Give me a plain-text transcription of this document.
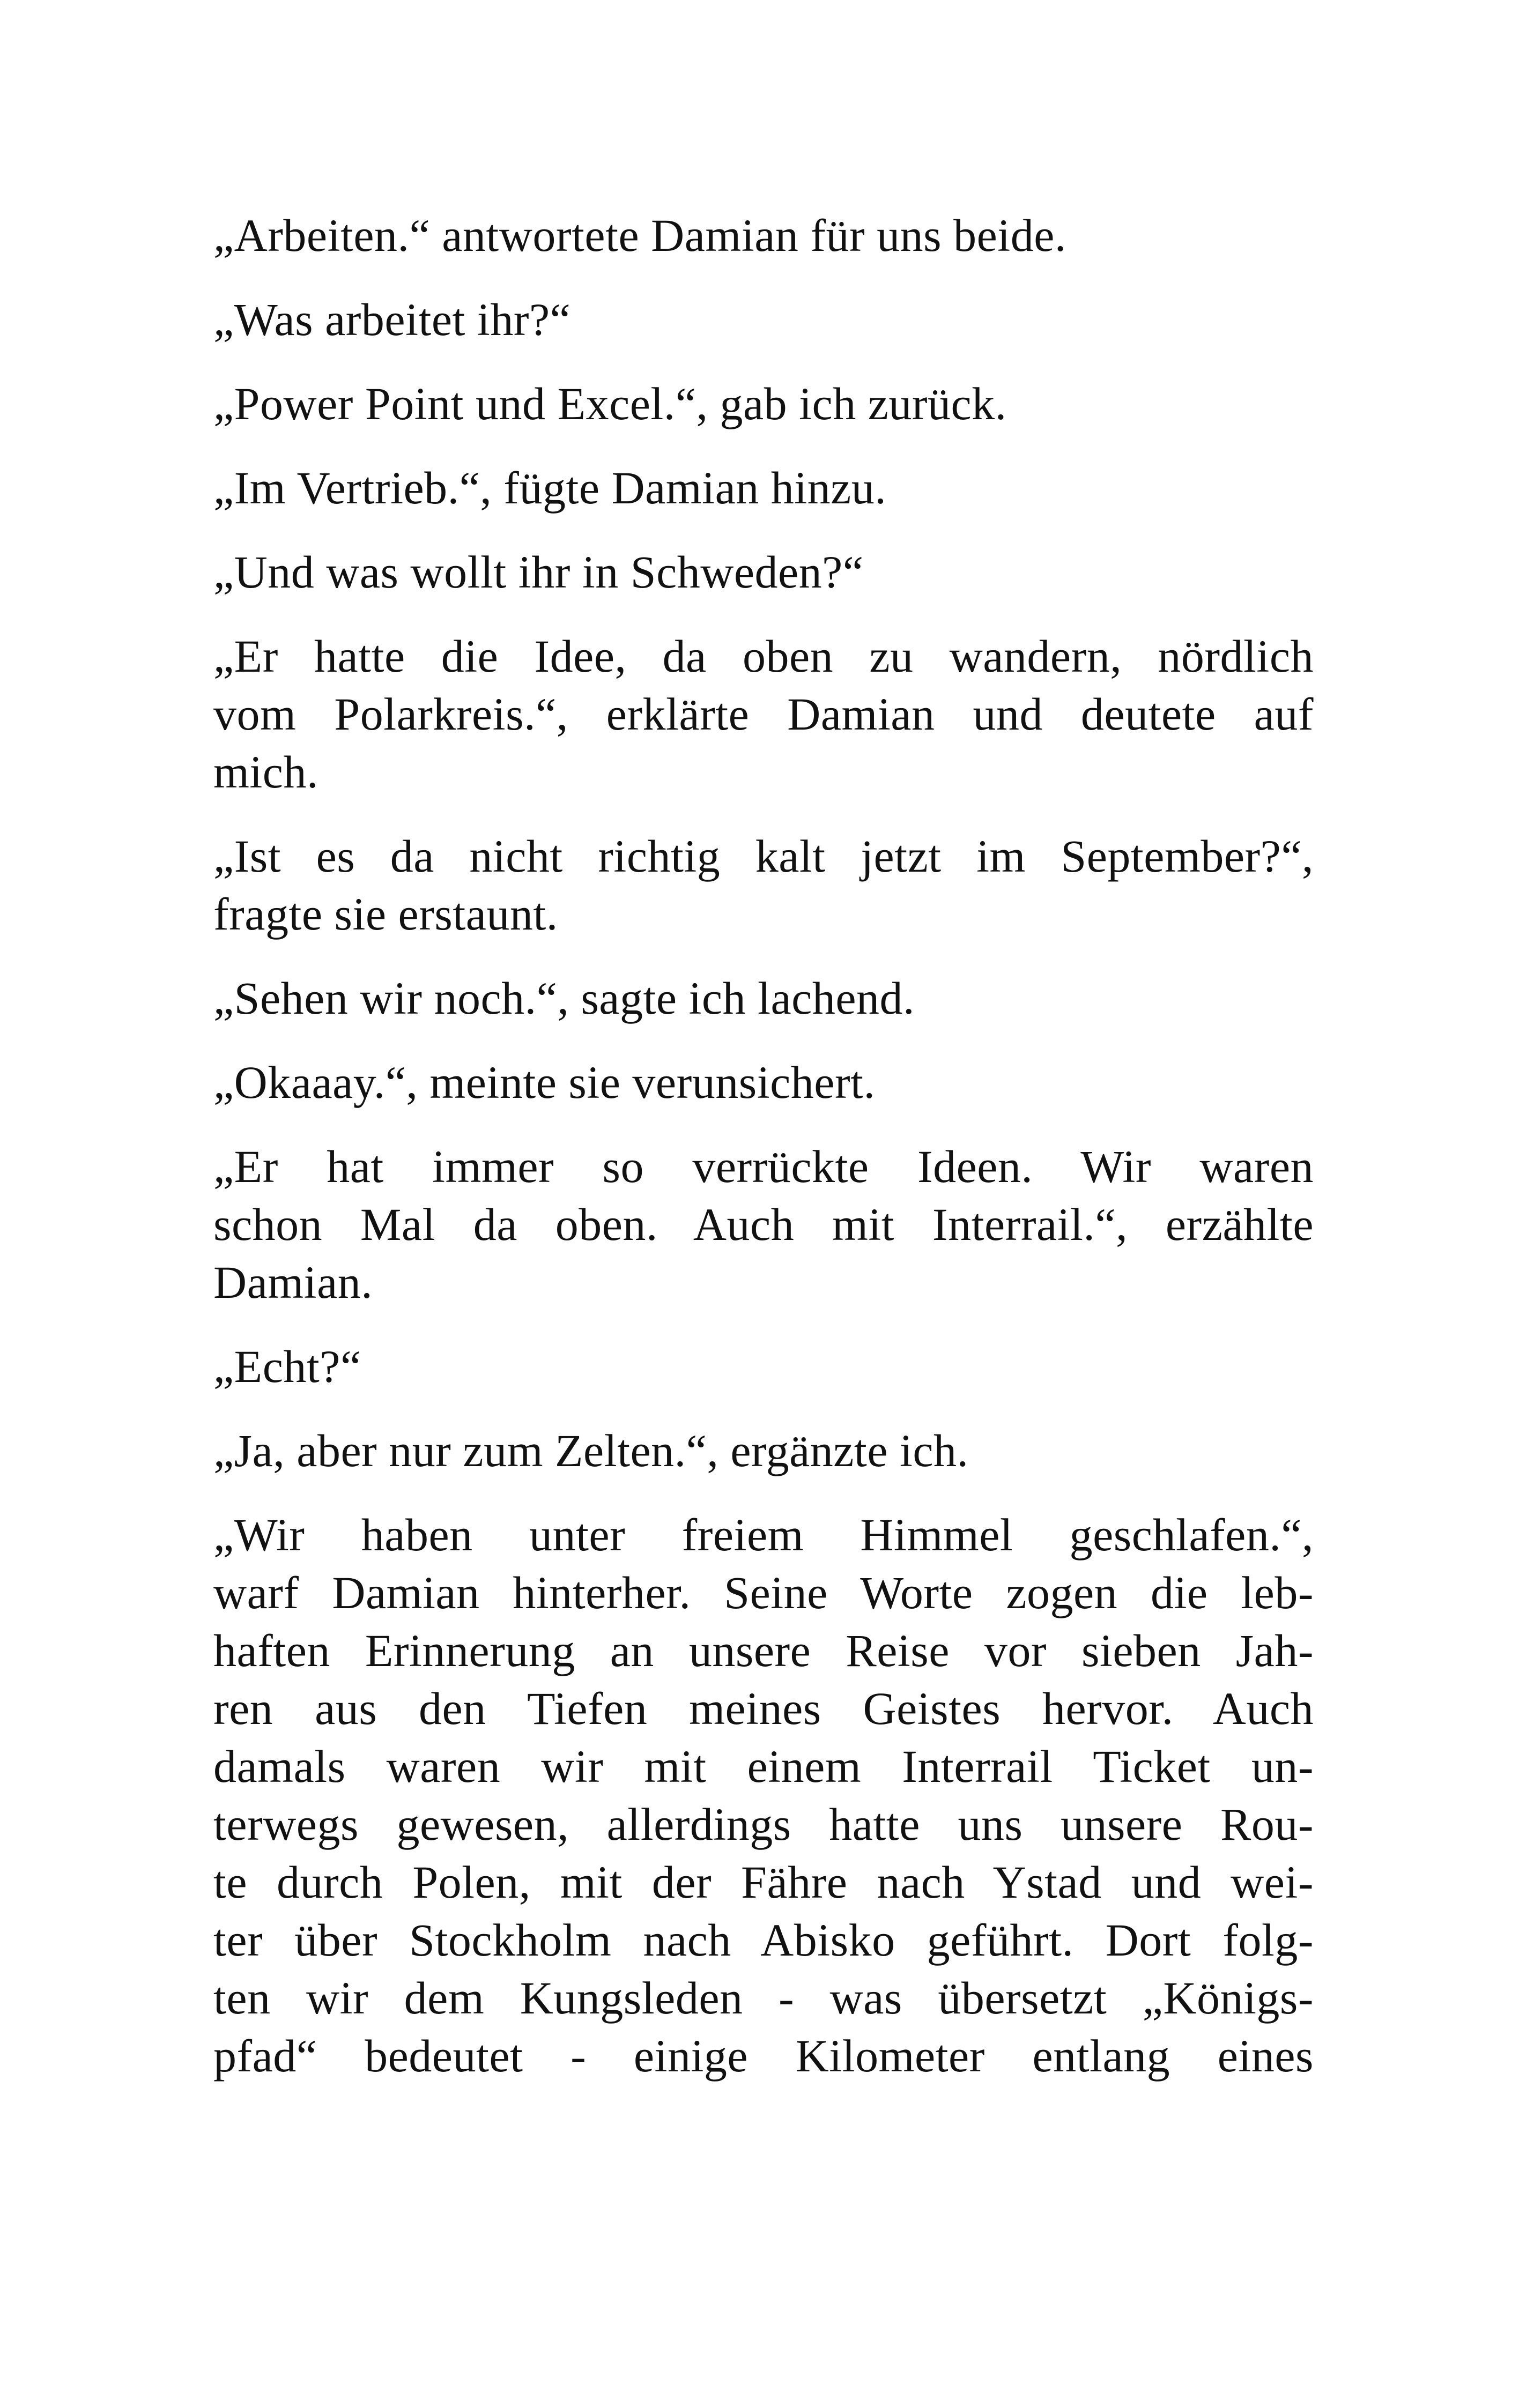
„Arbeiten.“ antwortete Damian für uns beide.

„Was arbeitet ihr?“

„Power Point und Excel.“, gab ich zurück.

„Im Vertrieb.“, fügte Damian hinzu.

„Und was wollt ihr in Schweden?“

„Er hatte die Idee, da oben zu wandern, nördlich
vom Polarkreis.“, erklärte Damian und deutete auf
mich.

„Ist es da nicht richtig kalt jetzt im September?“,
fragte sie erstaunt.

„Sehen wir noch.“, sagte ich lachend.

„Okaaay.“, meinte sie verunsichert.

„Er hat immer so verrückte Ideen. Wir waren
schon Mal da oben. Auch mit Interrail.“, erzählte
Damian.

„Echt?“

„Ja, aber nur zum Zelten.“, ergänzte ich.

„Wir haben unter freiem Himmel geschlafen.“,
warf Damian hinterher. Seine Worte zogen die leb-
haften Erinnerung an unsere Reise vor sieben Jah-
ren aus den Tiefen meines Geistes hervor. Auch
damals waren wir mit einem Interrail Ticket un-
terwegs gewesen, allerdings hatte uns unsere Rou-
te durch Polen, mit der Fähre nach Ystad und wei-
ter über Stockholm nach Abisko geführt. Dort folg-
ten wir dem Kungsleden - was übersetzt „Königs-
pfad“ bedeutet - einige Kilometer entlang eines
